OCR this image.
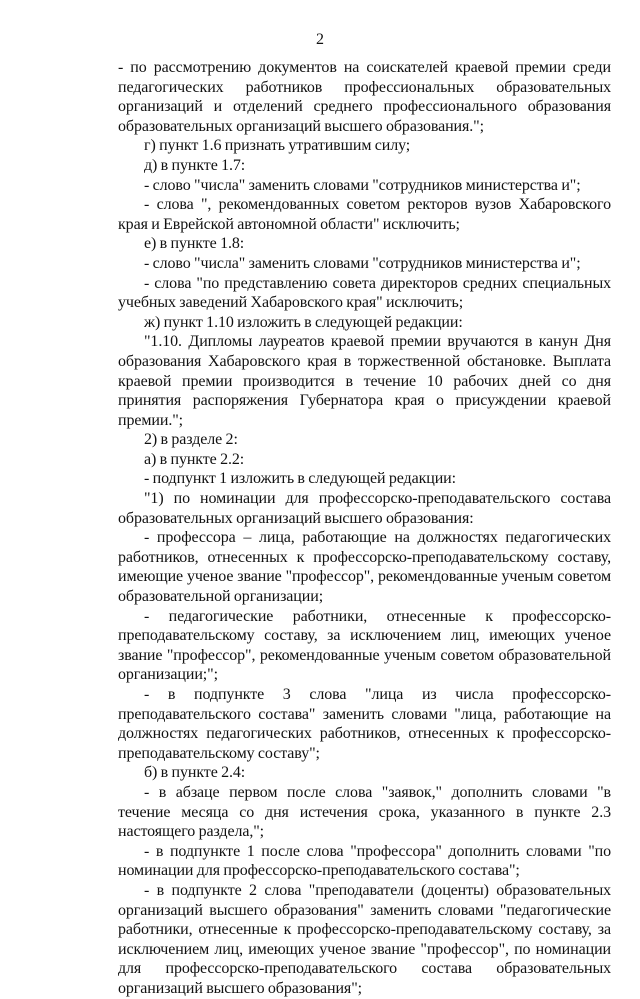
2

- по рассмотрению документов на соискателей краевой премии среди педагогических работников профессиональных образовательных организаций и отделений среднего профессионального образования образовательных организаций высшего образования.";

г) пункт 1.6 признать утратившим силу;

д) в пункте 1.7:

- слово "числа" заменить словами "сотрудников министерства и";

- слова ", рекомендованных советом ректоров вузов Хабаровского края и Еврейской автономной области" исключить;

е) в пункте 1.8:

- слово "числа" заменить словами "сотрудников министерства и";

- слова "по представлению совета директоров средних специальных учебных заведений Хабаровского края" исключить;

ж) пункт 1.10 изложить в следующей редакции:

"1.10. Дипломы лауреатов краевой премии вручаются в канун Дня образования Хабаровского края в торжественной обстановке. Выплата краевой премии производится в течение 10 рабочих дней со дня принятия распоряжения Губернатора края о присуждении краевой премии.";

2) в разделе 2:

а) в пункте 2.2:

- подпункт 1 изложить в следующей редакции:

"1) по номинации для профессорско-преподавательского состава образовательных организаций высшего образования:

- профессора – лица, работающие на должностях педагогических работников, отнесенных к профессорско-преподавательскому составу, имеющие ученое звание "профессор", рекомендованные ученым советом образовательной организации;

- педагогические работники, отнесенные к профессорско-преподавательскому составу, за исключением лиц, имеющих ученое звание "профессор", рекомендованные ученым советом образовательной организации;";

- в подпункте 3 слова "лица из числа профессорско-преподавательского состава" заменить словами "лица, работающие на должностях педагогических работников, отнесенных к профессорско-преподавательскому составу";

б) в пункте 2.4:

- в абзаце первом после слова "заявок," дополнить словами "в течение месяца со дня истечения срока, указанного в пункте 2.3 настоящего раздела,";

- в подпункте 1 после слова "профессора" дополнить словами "по номинации для профессорско-преподавательского состава";

- в подпункте 2 слова "преподаватели (доценты) образовательных организаций высшего образования" заменить словами "педагогические работники, отнесенные к профессорско-преподавательскому составу, за исключением лиц, имеющих ученое звание "профессор", по номинации для профессорско-преподавательского состава образовательных организаций высшего образования";
